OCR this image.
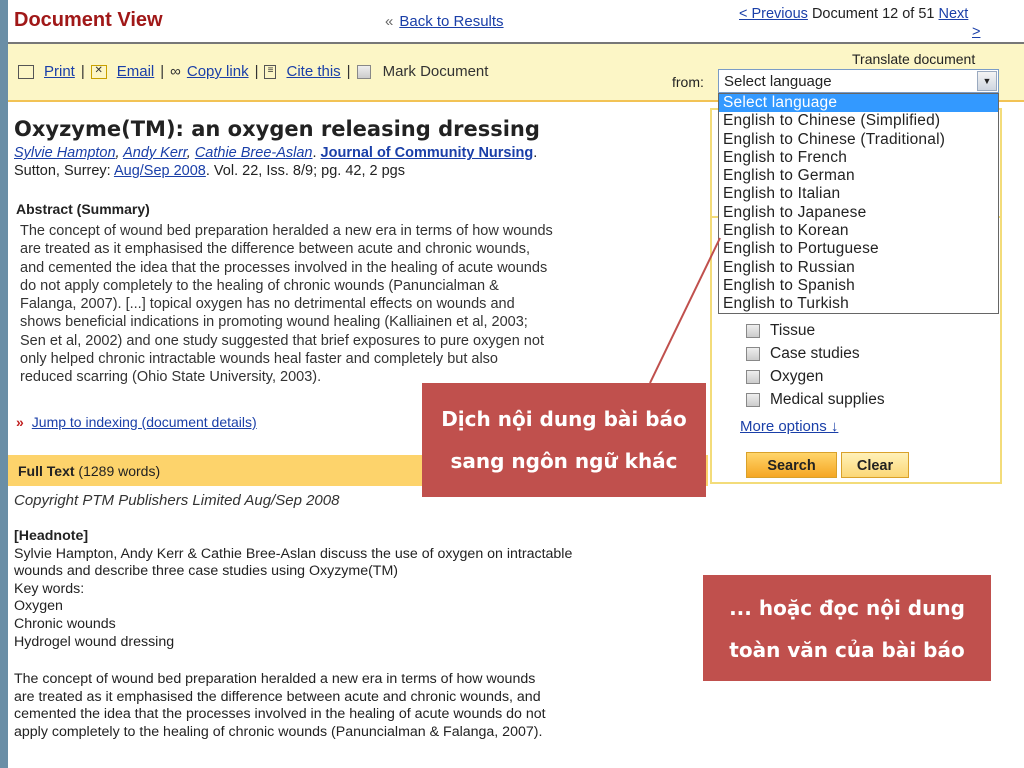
Document View	« Back to Results	< Previous Document 12 of 51 Next
>
Print | ✕ Email | ∞ Copy link | ≡ Cite this | Mark Document
Translate document
from:	Select language	▼
Select language
English to Chinese (Simplified)
English to Chinese (Traditional)
English to French
English to German
English to Italian
English to Japanese
English to Korean
English to Portuguese
English to Russian
English to Spanish
English to Turkish
Tissue
Case studies
Oxygen
Medical supplies
More options ↓
Search	Clear
Oxyzyme(TM): an oxygen releasing dressing
Sylvie Hampton, Andy Kerr, Cathie Bree-Aslan. Journal of Community Nursing.
Sutton, Surrey: Aug/Sep 2008. Vol. 22, Iss. 8/9; pg. 42, 2 pgs
Abstract (Summary)
The concept of wound bed preparation heralded a new era in terms of how wounds
are treated as it emphasised the difference between acute and chronic wounds,
and cemented the idea that the processes involved in the healing of acute wounds
do not apply completely to the healing of chronic wounds (Panuncialman &
Falanga, 2007). [...] topical oxygen has no detrimental effects on wounds and
shows beneficial indications in promoting wound healing (Kalliainen et al, 2003;
Sen et al, 2002) and one study suggested that brief exposures to pure oxygen not
only helped chronic intractable wounds heal faster and completely but also
reduced scarring (Ohio State University, 2003).
» Jump to indexing (document details)
Full Text (1289 words)
Copyright PTM Publishers Limited Aug/Sep 2008
[Headnote]
Sylvie Hampton, Andy Kerr & Cathie Bree-Aslan discuss the use of oxygen on intractable
wounds and describe three case studies using Oxyzyme(TM)
Key words:
Oxygen
Chronic wounds
Hydrogel wound dressing
The concept of wound bed preparation heralded a new era in terms of how wounds
are treated as it emphasised the difference between acute and chronic wounds, and
cemented the idea that the processes involved in the healing of acute wounds do not
apply completely to the healing of chronic wounds (Panuncialman & Falanga, 2007).
Dịch nội dung bài báo
sang ngôn ngữ khác
... hoặc đọc nội dung
toàn văn của bài báo
